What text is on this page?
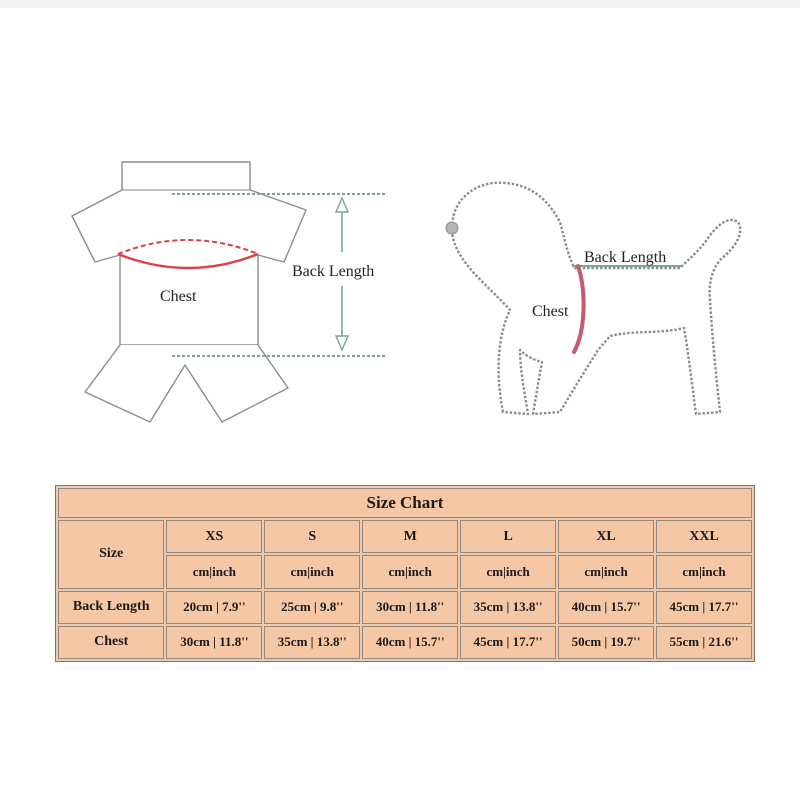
Chest
Back Length
Back Length
Chest
Size Chart						
Size	XS	S	M	L	XL	XXL
	cm|inch	cm|inch	cm|inch	cm|inch	cm|inch	cm|inch
Back Length	20cm | 7.9''	25cm | 9.8''	30cm | 11.8''	35cm | 13.8''	40cm | 15.7''	45cm | 17.7''
Chest	30cm | 11.8''	35cm | 13.8''	40cm | 15.7''	45cm | 17.7''	50cm | 19.7''	55cm | 21.6''
